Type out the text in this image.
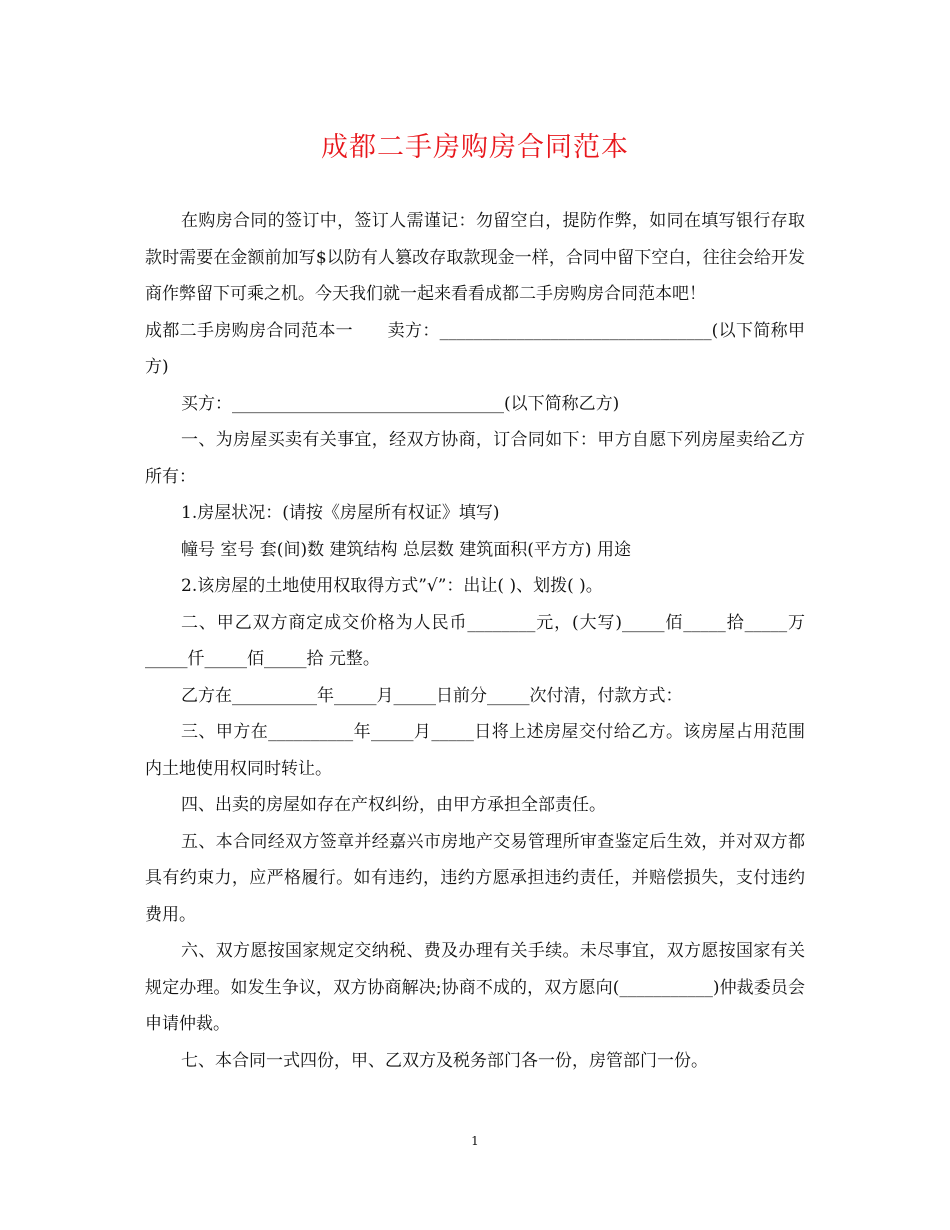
成都二手房购房合同范本

在购房合同的签订中，签订人需谨记：勿留空白，提防作弊，如同在填写银行存取款时需要在金额前加写$以防有人篡改存取款现金一样，合同中留下空白，往往会给开发商作弊留下可乘之机。今天我们就一起来看看成都二手房购房合同范本吧！

成都二手房购房合同范本一　　卖方：________________________________(以下简称甲方)

买方：________________________________(以下简称乙方)

一、为房屋买卖有关事宜，经双方协商，订合同如下：甲方自愿下列房屋卖给乙方所有：

1.房屋状况：(请按《房屋所有权证》填写)

幢号 室号 套(间)数 建筑结构 总层数 建筑面积(平方方) 用途

2.该房屋的土地使用权取得方式”√”：出让( )、划拨( )。

二、甲乙双方商定成交价格为人民币________元，(大写)_____佰_____拾_____万_____仟_____佰_____拾 元整。

乙方在__________年_____月_____日前分_____次付清，付款方式：

三、甲方在__________年_____月_____日将上述房屋交付给乙方。该房屋占用范围内土地使用权同时转让。

四、出卖的房屋如存在产权纠纷，由甲方承担全部责任。

五、本合同经双方签章并经嘉兴市房地产交易管理所审查鉴定后生效，并对双方都具有约束力，应严格履行。如有违约，违约方愿承担违约责任，并赔偿损失，支付违约费用。

六、双方愿按国家规定交纳税、费及办理有关手续。未尽事宜，双方愿按国家有关规定办理。如发生争议，双方协商解决;协商不成的，双方愿向(___________)仲裁委员会申请仲裁。

七、本合同一式四份，甲、乙双方及税务部门各一份，房管部门一份。

1
